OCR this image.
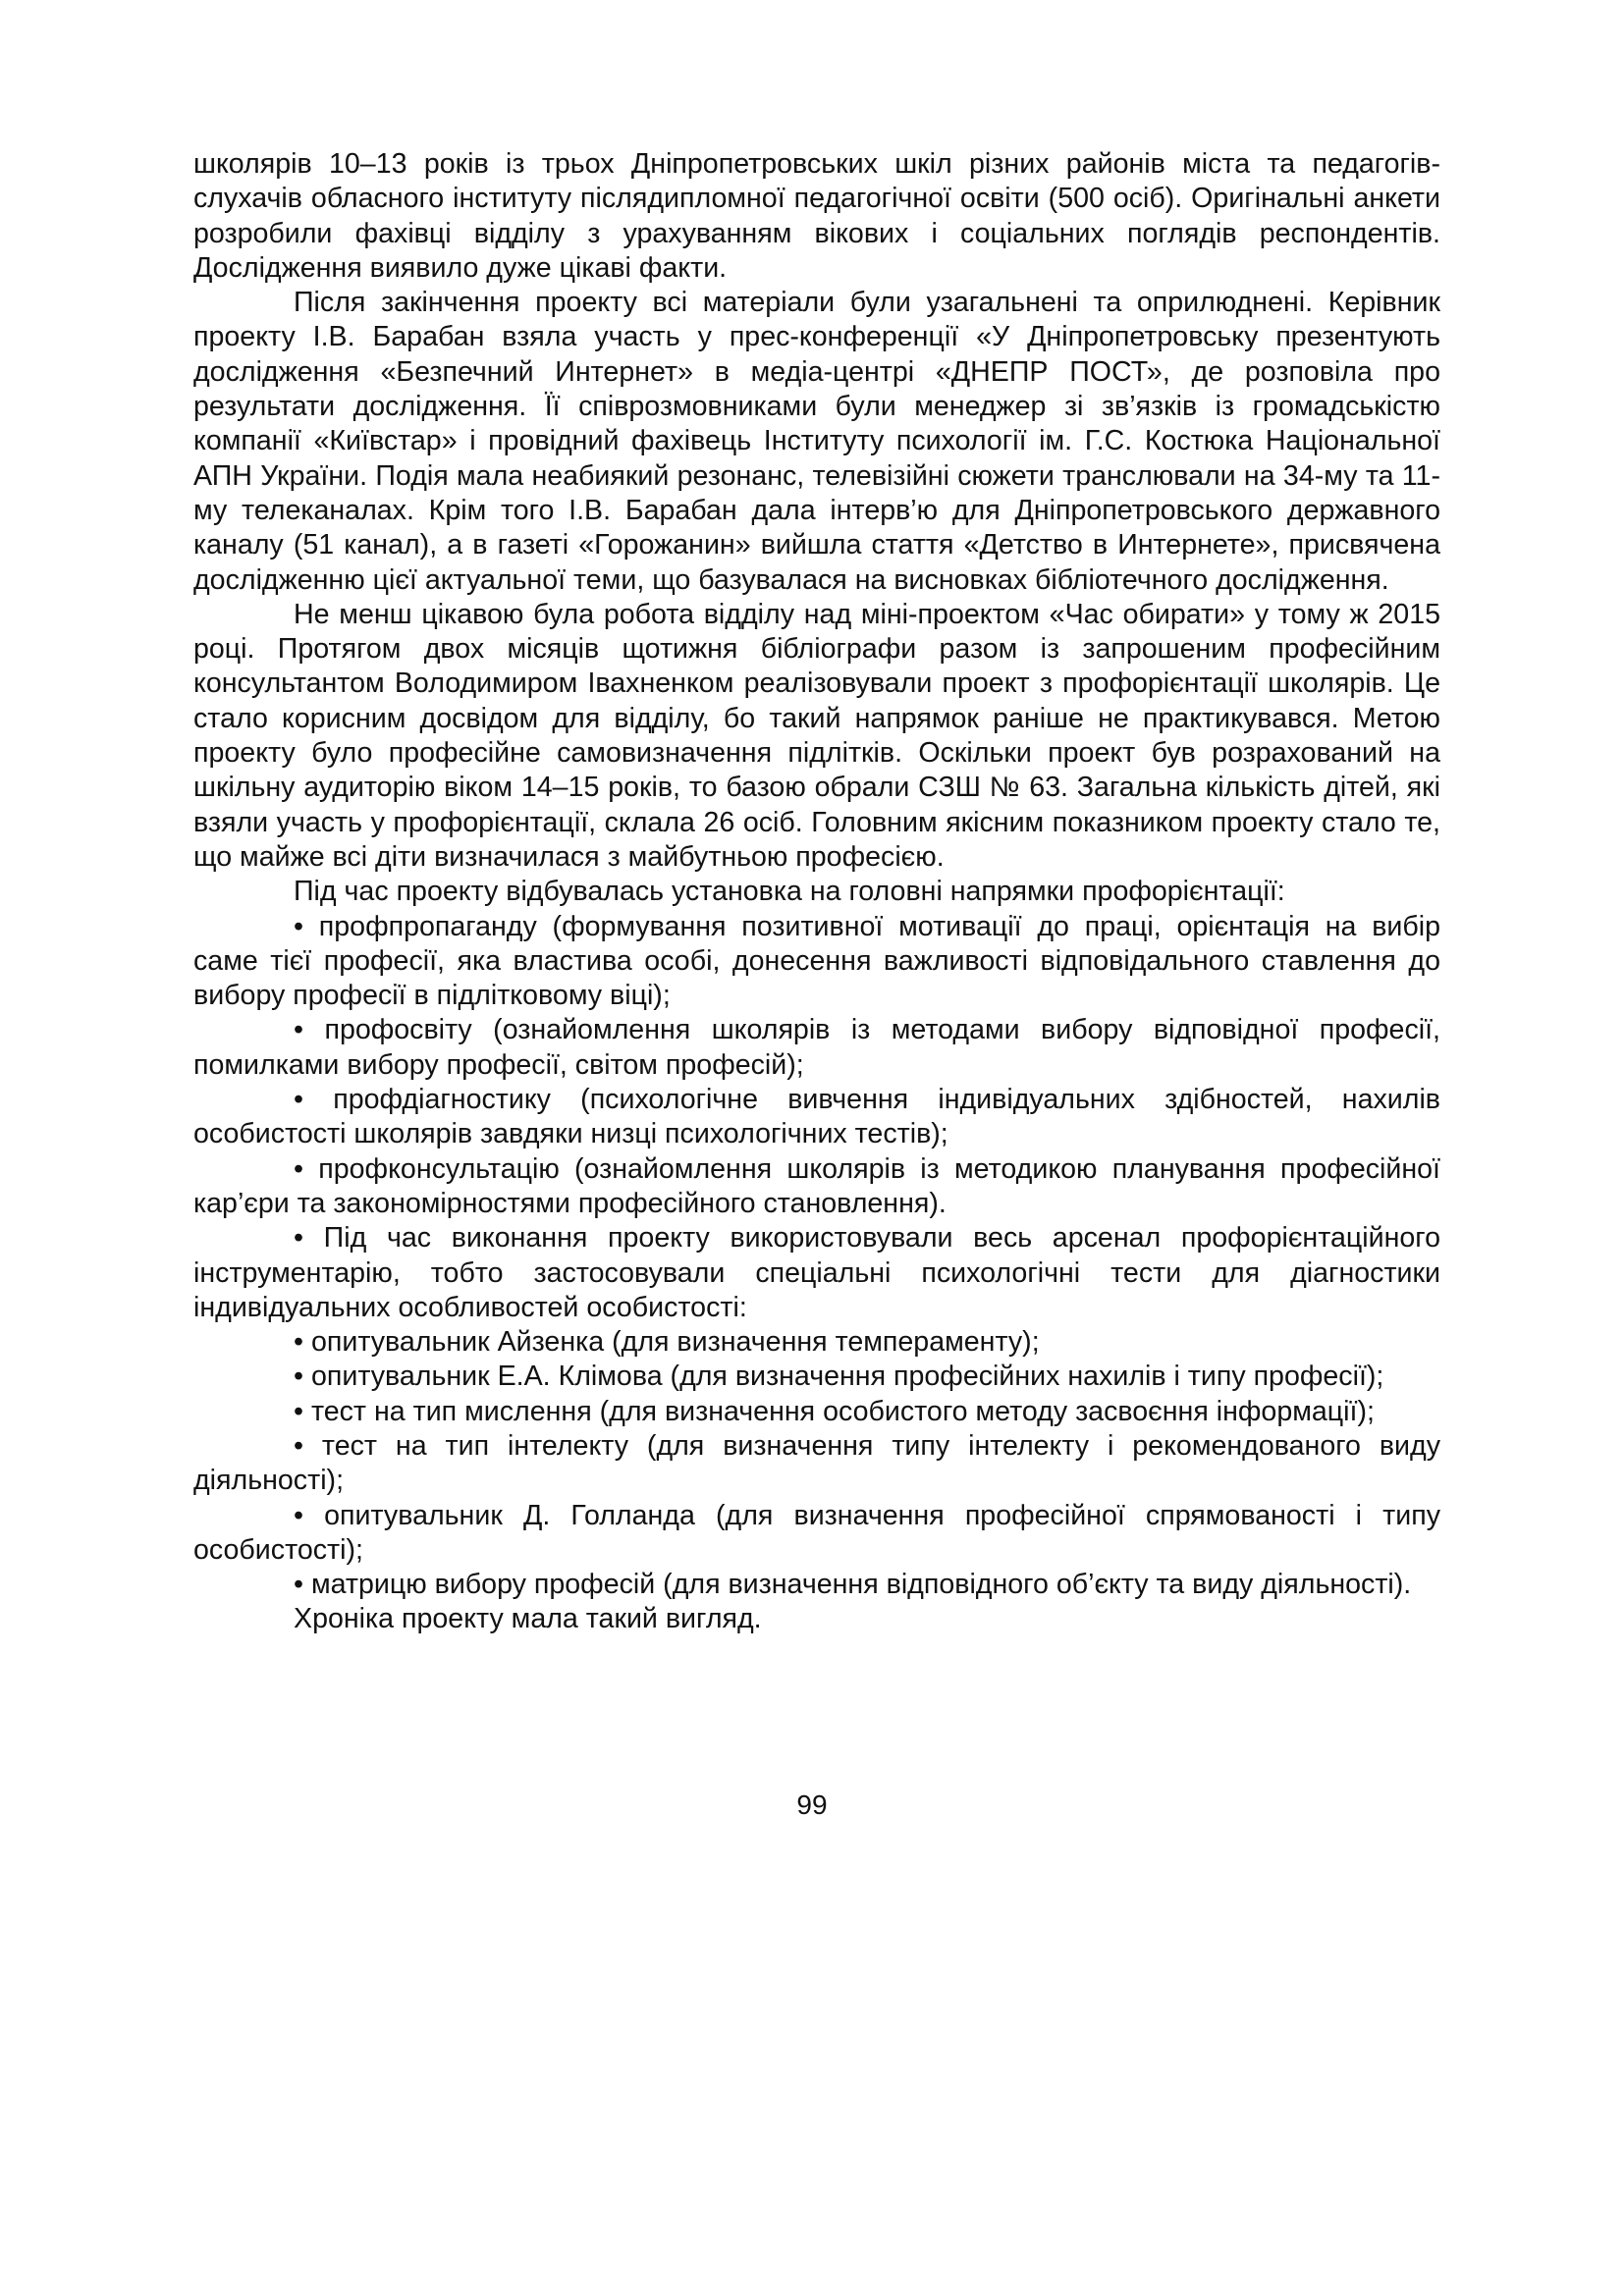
школярів 10–13 років із трьох Дніпропетровських шкіл різних районів міста та педагогів-слухачів обласного інституту післядипломної педагогічної освіти (500 осіб). Оригінальні анкети розробили фахівці відділу з урахуванням вікових і соціальних поглядів респондентів. Дослідження виявило дуже цікаві факти.

Після закінчення проекту всі матеріали були узагальнені та оприлюднені. Керівник проекту І.В. Барабан взяла участь у прес-конференції «У Дніпропетровську презентують дослідження «Безпечний Интернет» в медіа-центрі «ДНЕПР ПОСТ», де розповіла про результати дослідження. Її співрозмовниками були менеджер зі зв’язків із громадськістю компанії «Київстар» і провідний фахівець Інституту психології ім. Г.С. Костюка Національної АПН України. Подія мала неабиякий резонанс, телевізійні сюжети транслювали на 34-му та 11-му телеканалах. Крім того І.В. Барабан дала інтерв’ю для Дніпропетровського державного каналу (51 канал), а в газеті «Горожанин» вийшла стаття «Детство в Интернете», присвячена дослідженню цієї актуальної теми, що базувалася на висновках бібліотечного дослідження.

Не менш цікавою була робота відділу над міні-проектом «Час обирати» у тому ж 2015 році. Протягом двох місяців щотижня бібліографи разом із запрошеним професійним консультантом Володимиром Івахненком реалізовували проект з профорієнтації школярів. Це стало корисним досвідом для відділу, бо такий напрямок раніше не практикувався. Метою проекту було професійне самовизначення підлітків. Оскільки проект був розрахований на шкільну аудиторію віком 14–15 років, то базою обрали СЗШ № 63. Загальна кількість дітей, які взяли участь у профорієнтації, склала 26 осіб. Головним якісним показником проекту стало те, що майже всі діти визначилася з майбутньою професією.

Під час проекту відбувалась установка на головні напрямки профорієнтації:

• профпропаганду (формування позитивної мотивації до праці, орієнтація на вибір саме тієї професії, яка властива особі, донесення важливості відповідального ставлення до вибору професії в підлітковому віці);

• профосвіту (ознайомлення школярів із методами вибору відповідної професії, помилками вибору професії, світом професій);

• профдіагностику (психологічне вивчення індивідуальних здібностей, нахилів особистості школярів завдяки низці психологічних тестів);

• профконсультацію (ознайомлення школярів із методикою планування професійної кар’єри та закономірностями професійного становлення).

• Під час виконання проекту використовували весь арсенал профорієнтаційного інструментарію, тобто застосовували спеціальні психологічні тести для діагностики індивідуальних особливостей особистості:

• опитувальник Айзенка (для визначення темпераменту);

• опитувальник Е.А. Клімова (для визначення професійних нахилів і типу професії);

• тест на тип мислення (для визначення особистого методу засвоєння інформації);

• тест на тип інтелекту (для визначення типу інтелекту і рекомендованого виду діяльності);

• опитувальник Д. Голланда (для визначення професійної спрямованості і типу особистості);

• матрицю вибору професій (для визначення відповідного об’єкту та виду діяльності).

Хроніка проекту мала такий вигляд.

99
